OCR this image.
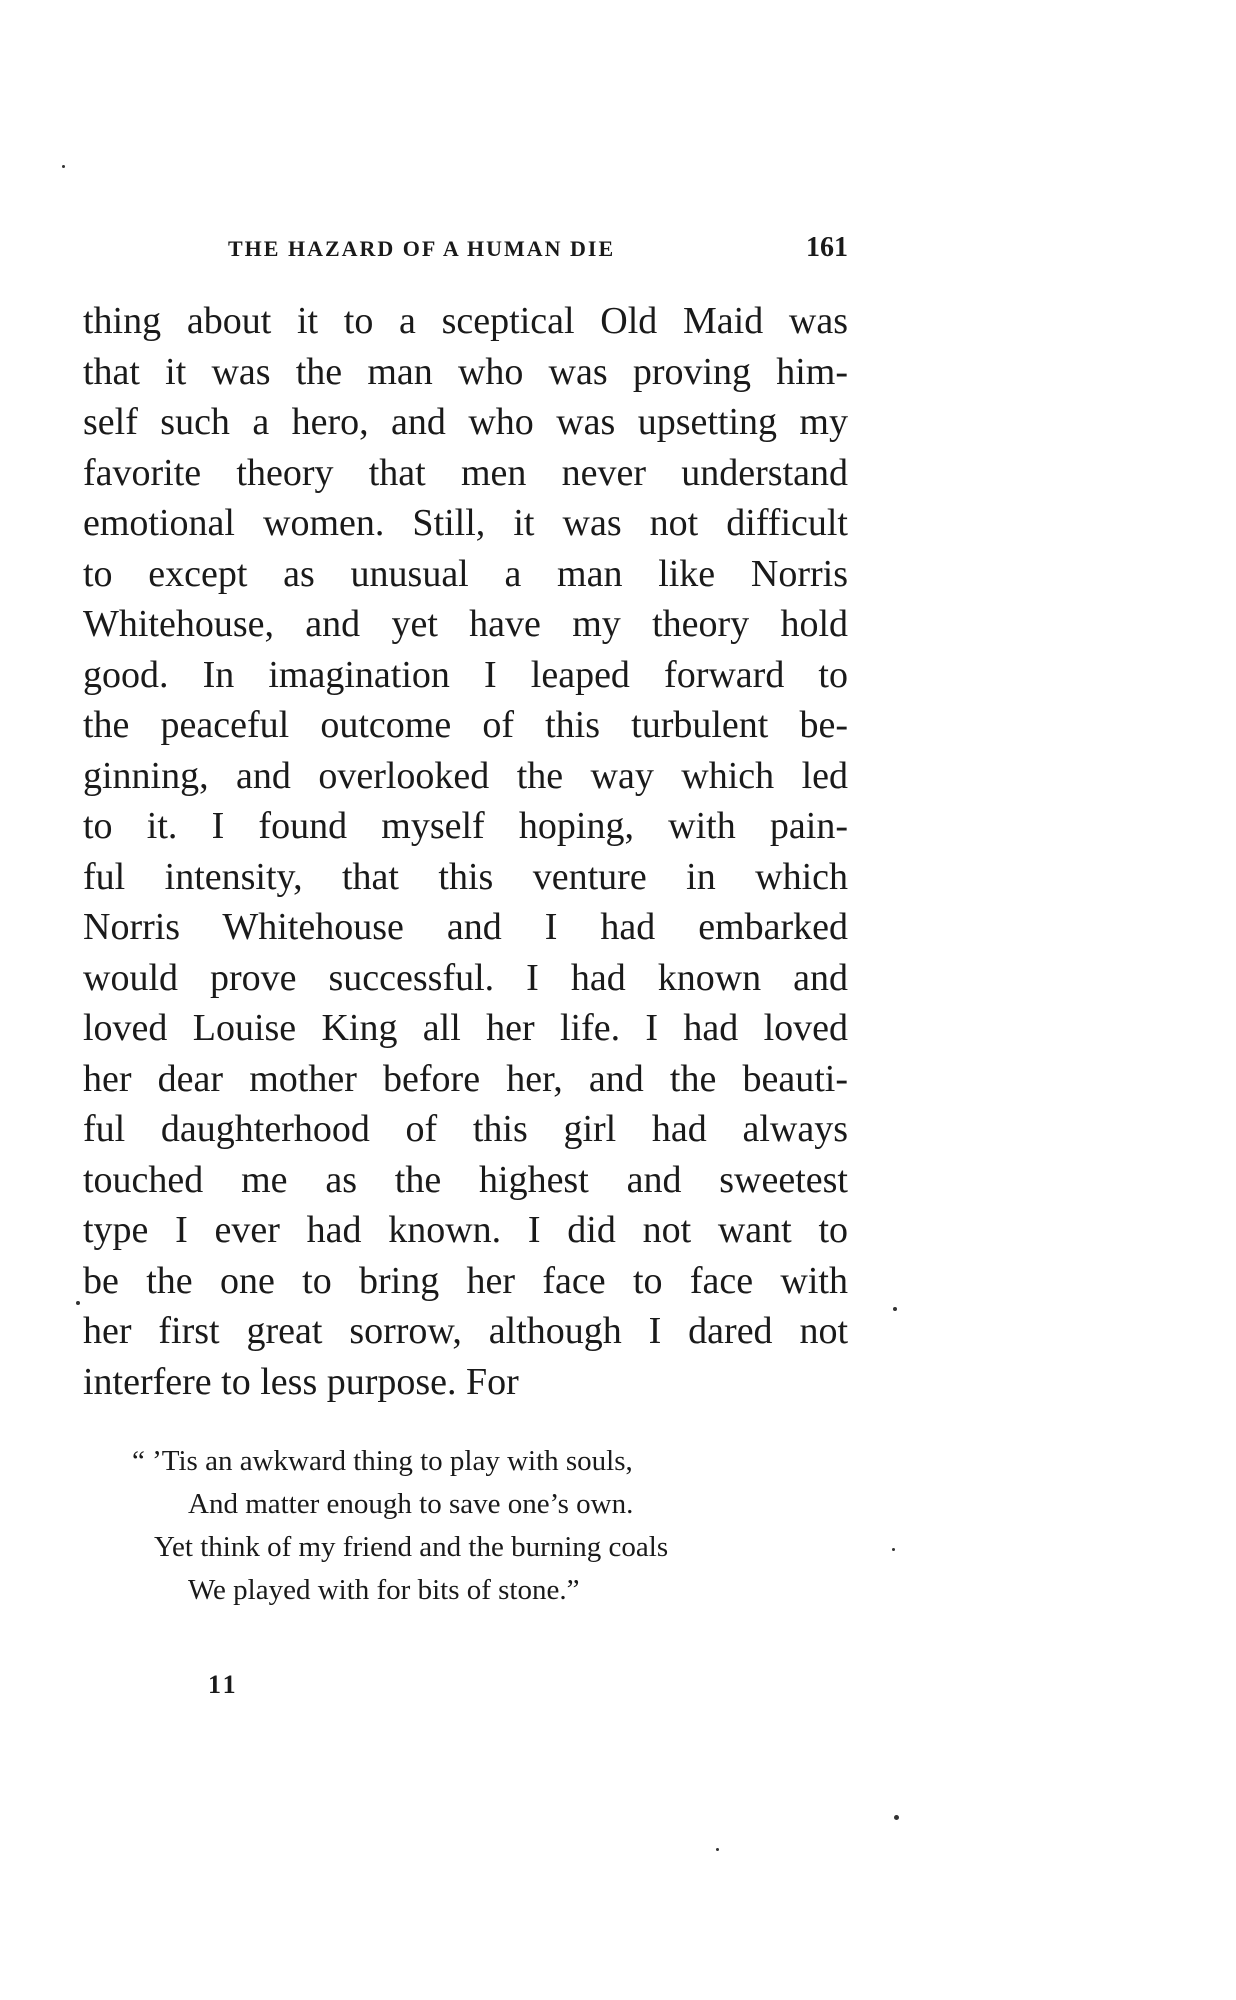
THE HAZARD OF A HUMAN DIE	161
thing about it to a sceptical Old Maid was
that it was the man who was proving him-
self such a hero, and who was upsetting my
favorite theory that men never understand
emotional women. Still, it was not difficult
to except as unusual a man like Norris
Whitehouse, and yet have my theory hold
good. In imagination I leaped forward to
the peaceful outcome of this turbulent be-
ginning, and overlooked the way which led
to it. I found myself hoping, with pain-
ful intensity, that this venture in which
Norris Whitehouse and I had embarked
would prove successful. I had known and
loved Louise King all her life. I had loved
her dear mother before her, and the beauti-
ful daughterhood of this girl had always
touched me as the highest and sweetest
type I ever had known. I did not want to
be the one to bring her face to face with
her first great sorrow, although I dared not
interfere to less purpose. For
“ ’Tis an awkward thing to play with souls,
And matter enough to save one’s own.
Yet think of my friend and the burning coals
We played with for bits of stone.”
11
